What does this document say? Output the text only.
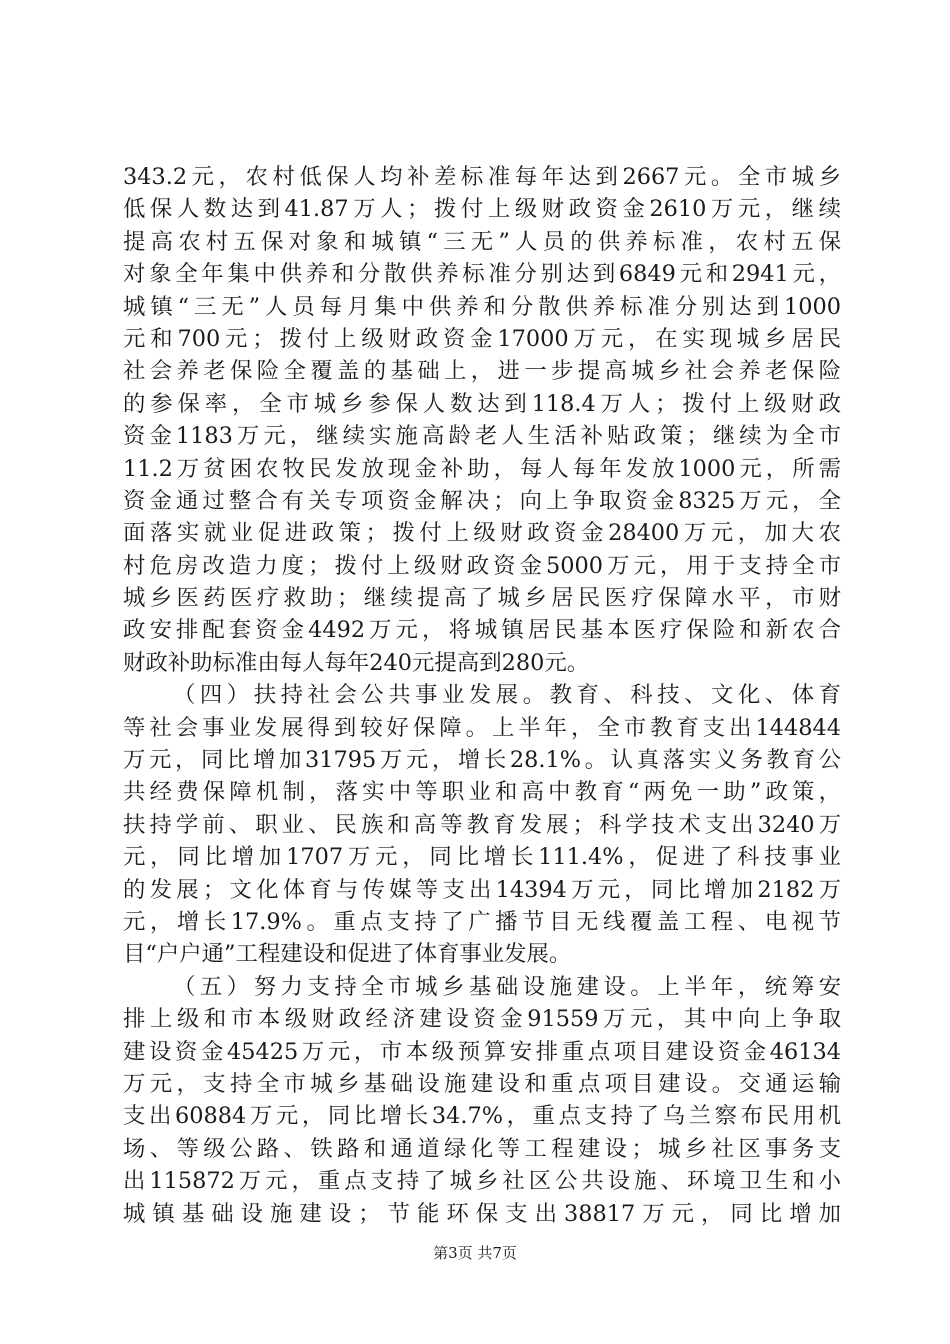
343.2元，农村低保人均补差标准每年达到2667元。全市城乡
低保人数达到41.87万人；拨付上级财政资金2610万元，继续
提高农村五保对象和城镇“三无”人员的供养标准，农村五保
对象全年集中供养和分散供养标准分别达到6849元和2941元，
城镇“三无”人员每月集中供养和分散供养标准分别达到1000
元和700元；拨付上级财政资金17000万元，在实现城乡居民
社会养老保险全覆盖的基础上，进一步提高城乡社会养老保险
的参保率，全市城乡参保人数达到118.4万人；拨付上级财政
资金1183万元，继续实施高龄老人生活补贴政策；继续为全市
11.2万贫困农牧民发放现金补助，每人每年发放1000元，所需
资金通过整合有关专项资金解决；向上争取资金8325万元，全
面落实就业促进政策；拨付上级财政资金28400万元，加大农
村危房改造力度；拨付上级财政资金5000万元，用于支持全市
城乡医药医疗救助；继续提高了城乡居民医疗保障水平，市财
政安排配套资金4492万元，将城镇居民基本医疗保险和新农合
财政补助标准由每人每年240元提高到280元。
（四）扶持社会公共事业发展。教育、科技、文化、体育
等社会事业发展得到较好保障。上半年，全市教育支出144844
万元，同比增加31795万元，增长28.1%。认真落实义务教育公
共经费保障机制，落实中等职业和高中教育“两免一助”政策，
扶持学前、职业、民族和高等教育发展；科学技术支出3240万
元，同比增加1707万元，同比增长111.4%，促进了科技事业
的发展；文化体育与传媒等支出14394万元，同比增加2182万
元，增长17.9%。重点支持了广播节目无线覆盖工程、电视节
目“户户通”工程建设和促进了体育事业发展。
（五）努力支持全市城乡基础设施建设。上半年，统筹安
排上级和市本级财政经济建设资金91559万元，其中向上争取
建设资金45425万元，市本级预算安排重点项目建设资金46134
万元，支持全市城乡基础设施建设和重点项目建设。交通运输
支出60884万元，同比增长34.7%，重点支持了乌兰察布民用机
场、等级公路、铁路和通道绿化等工程建设；城乡社区事务支
出115872万元，重点支持了城乡社区公共设施、环境卫生和小
城镇基础设施建设；节能环保支出38817万元，同比增加
第3页 共7页
